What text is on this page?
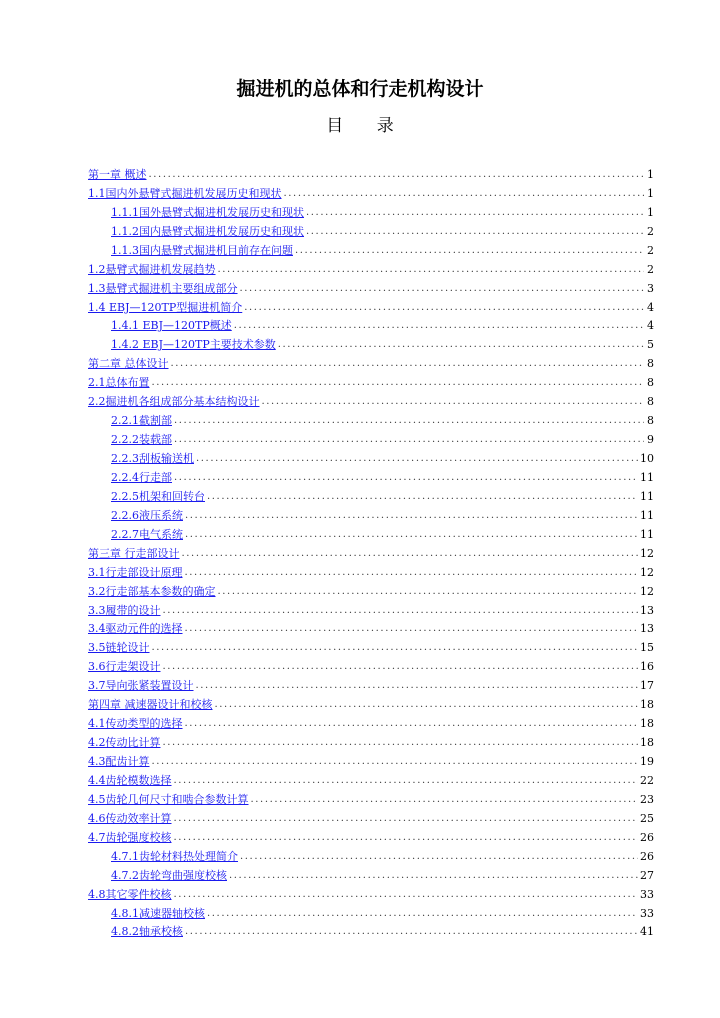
掘进机的总体和行走机构设计
目 录
第一章 概述 .....	1
1.1国内外悬臂式掘进机发展历史和现状 .....	1
1.1.1国外悬臂式掘进机发展历史和现状 .....	1
1.1.2国内悬臂式掘进机发展历史和现状 .....	2
1.1.3国内悬臂式掘进机目前存在问题 .....	2
1.2悬臂式掘进机发展趋势 .....	2
1.3悬臂式掘进机主要组成部分 .....	3
1.4 EBJ—120TP型掘进机简介 .....	4
1.4.1 EBJ—120TP概述 .....	4
1.4.2 EBJ—120TP主要技术参数 .....	5
第二章 总体设计 .....	8
2.1总体布置 .....	8
2.2掘进机各组成部分基本结构设计 .....	8
2.2.1截割部 .....	8
2.2.2装载部 .....	9
2.2.3刮板输送机 .....	10
2.2.4行走部 .....	11
2.2.5机架和回转台 .....	11
2.2.6液压系统 .....	11
2.2.7电气系统 .....	11
第三章 行走部设计 .....	12
3.1行走部设计原理 .....	12
3.2行走部基本参数的确定 .....	12
3.3履带的设计 .....	13
3.4驱动元件的选择 .....	13
3.5链轮设计 .....	15
3.6行走架设计 .....	16
3.7导向张紧装置设计 .....	17
第四章 减速器设计和校核 .....	18
4.1传动类型的选择 .....	18
4.2传动比计算 .....	18
4.3配齿计算 .....	19
4.4齿轮模数选择 .....	22
4.5齿轮几何尺寸和啮合参数计算 .....	23
4.6传动效率计算 .....	25
4.7齿轮强度校核 .....	26
4.7.1齿轮材料热处理简介 .....	26
4.7.2齿轮弯曲强度校核 .....	27
4.8其它零件校核 .....	33
4.8.1减速器轴校核 .....	33
4.8.2轴承校核 .....	41
